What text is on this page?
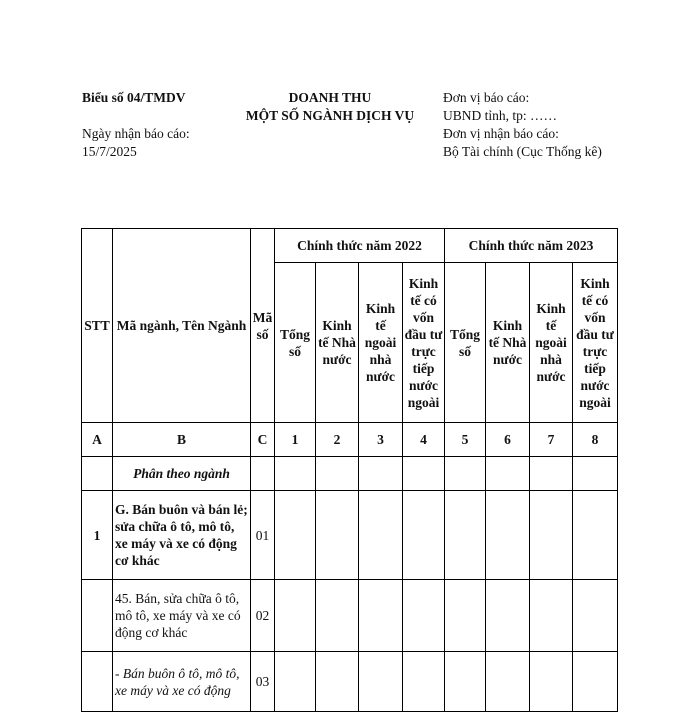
Biểu số 04/TMDV
Ngày nhận báo cáo:
15/7/2025
DOANH THU
MỘT SỐ NGÀNH DỊCH VỤ
Đơn vị báo cáo:
UBND tỉnh, tp: ……
Đơn vị nhận báo cáo:
Bộ Tài chính (Cục Thống kê)
STT	Mã ngành, Tên Ngành	Mã số	Chính thức năm 2022				Chính thức năm 2023			
			Tổng số	Kinh tế Nhà nước	Kinh tế ngoài nhà nước	Kinh tế có vốn đầu tư trực tiếp nước ngoài	Tổng số	Kinh tế Nhà nước	Kinh tế ngoài nhà nước	Kinh tế có vốn đầu tư trực tiếp nước ngoài
A	B	C	1	2	3	4	5	6	7	8
	Phân theo ngành									
1	G. Bán buôn và bán lẻ; sửa chữa ô tô, mô tô, xe máy và xe có động cơ khác	01								
	45. Bán, sửa chữa ô tô, mô tô, xe máy và xe có động cơ khác	02								
	- Bán buôn ô tô, mô tô, xe máy và xe có động	03								
